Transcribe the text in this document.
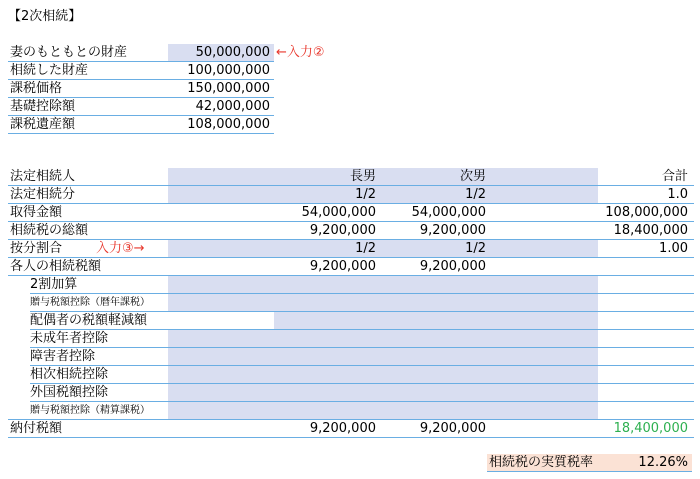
【2次相続】
妻のもともとの財産	50,000,000 ←入力②
相続した財産	100,000,000
課税価格	150,000,000
基礎控除額	42,000,000
課税遺産額	108,000,000
法定相続人	長男	次男	合計
法定相続分	1/2	1/2	1.0
取得金額	54,000,000	54,000,000	108,000,000
相続税の総額	9,200,000	9,200,000	18,400,000
按分割合	入力③→	1/2	1/2	1.00
各人の相続税額	9,200,000	9,200,000
2割加算
贈与税額控除（暦年課税）
配偶者の税額軽減額
未成年者控除
障害者控除
相次相続控除
外国税額控除
贈与税額控除（精算課税）
納付税額	9,200,000	9,200,000	18,400,000
相続税の実質税率	12.26%
